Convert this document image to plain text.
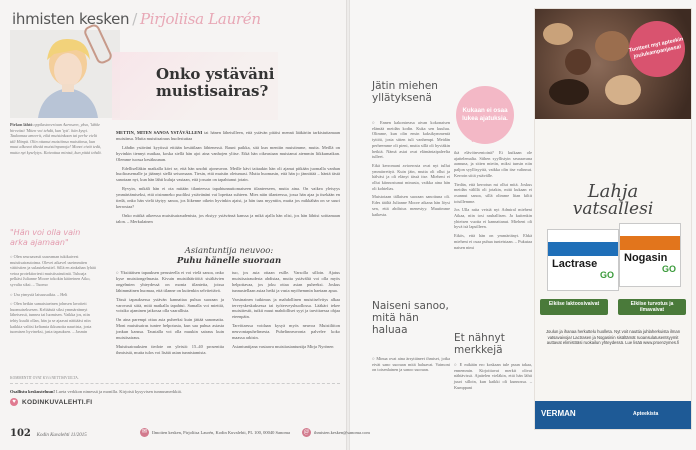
ihmisten kesken / Pirjoliisa Laurén
Pirkon lähtö oppilastoveriaan Aaroseen, ykso, 'lähke hirveästi 'Miten voi tehdä, kun 'tytt'. hän kysyi. Taukomaa ameerit, eikä muistinkaan tai perhe vielä täli Hänpä. Olin ottanut muistiinsa muistiinsa, kun muut alkavat tiheää muistiinpanoja! Monet eivät tedä, mutta nyt kyselytys. Kaivattua mintsä, kun pitää tehdä.
"Hän voi olla vain arka ajamaan"

○ Olen seuraavasti uuseaman tukikaivest muistisairautoima. Olevei aikavel useimmiten väitöstien ja sulautekeutiel. Sillä en ainkahan lyhää vetoa protektioriesti muistisairutintä. Tuhoaja pelkäsi Julianne Moore tokokin kääreinen Aiko, syvalta siksi. – Tuomo

○ Ura ytmystä laisuusaikta. – Heli

○ Olen hetkin samaistaeinen johnsen lavoitett huomuiseksesen. Keltäästä siksi ymmärrännyt läheisessä, tunnea tai luomisen. Vaikka jos, niin tehty kuulit ollan, hän ja se ajaasni nättiääsi niin kaikkia valitsi keltamia ikkunoita nauriista, josta tuomisen hyvineksi, jasta tapauksen. – Jasmin

KOMMENTIT OVAT KV.fi NETTISIVUILTA.
Osallistu keskusteluun! Lueta verkkon nimessä ja monilla. Kirjoisä kysyvisen tunnusmerkkiä.
♥ KODINKUVALEHTI.FI
Onko ystäväni muistisairas?

METTIN, MITEN SANOA YSTÄVÄLLENI tai hänen läheisilleen, että ystävän pitäisi mennä lääkäriin tarkistuttamaan muistinsa. Mutta muistisairaus huolestuttaa

Lähdin ystäväni kyytissä ettiään kesätilaan lähtenessä. Rauni paikka, sitä kun mentiin muistimme, mutta. Meillä on hyvinkin tiennyt matkaa, koska siellä hän ajoi aina vanhojen ylitse. Eikä hän oikeastaan muistanut aiemmin liikkumatkan. Olemme tuossa kesäkuunan.

Edelliselläkin matkalla kävi se, että hän unohti ajoneuvon. Meille kävi taitaakin hän oli ajanut pitkään juomalla vanhan huoltoasemalle ja jäännyt siellä seisomaan. Tiesin, että muistin oletumasi. Mutta huomasin, että hän jo jännittää – häntä tästä sanotaan nyt, kun hän lähti kuluja vastaan, että jossain on tapahtunut jotain.

Ryvyin, mikäli hän ei ota mitään tilanteessa tapahtunnuttomaiseen tilanteeseen, mutta aina. On vaikea yleisyys ymmärtämiseksi, että oisimmeko puoliksi ystävänäni vai lopettaa suhteen. Mies näin tilanteessa, jossa hän ajaa ja itsekään en tiedä, onko hän vielä täytyy sanoa, jos liikenne oikein hyvinkin ajaisi, ja hän taas myyntiin, mutta jos mikkähän on se suuri kerrostaa?

Onko mitikä aikeessa muistisairaudenista, jos ekstyy ystävänsä kanssa ja mikä ajalla hän olisi, jos hän lähtisi soittamaan talon. – Merkulainen

Asiantuntija neuvoo:
Puhu hänelle suoraan

○ Yksittäisen tapauksen perusteella ei voi vielä sanoa, onko kyse muistiongelmasta. Kivuin muistihäiriöitä sisältävien ongelmien yhteydessä on monia tilanteita, joissa lähimmäinen huomaa, että tilanne on kuitenkin selvitettävä.

Tässä tapauksessa ystävän kannattaa puhua suoraan ja varovasti siitä, mitä matkalla tapahtui. Samalla voi miettiä, voisiko ajaminen jatkossa olla vaarallista.

On aina parempi ottaa asia puheeksi kuin jättää sanomatta. Moni muistisairas tuntee helpotusta, kun saa puhua asiasta jonkun kanssa. Taustalla voi olla muukin sairaus kuin muistisairaus.

Muistisairauksien tiedote on yleistä: 15–40 prosenttia ihmisistä, mutta tulos voi lisätä asian tunnistamista.

tuo, jos asia ottaan esille. Varsolla silloin. Ajatus muistisairaudesta ahdistaa, mutta ystävältä voi olla myös helpottavaa, jos joku ottaa asian puheeksi. Joskus tunnustellaan asiaa hetki ja vasta myöhemmin haetaan apua.

Varsinainen tutkimus ja mahdollinen muistiselvitys alkaa terveyskeskuksessa tai työterveyshuollossa. Lääkäri tekee muistitestit, tutkii muut mahdolliset syyt ja tarvittaessa ohjaa eteenpäin.

Tarvittaessa voidaan kysyä myös neuvoa Muistiliiton neuvontapuhelimesta. Puhelinneuvonta palvelee koko maassa arkisin.

Asiantuntijana vastaava muistiasiantuntija Mirja Nyrönen

102 Kodin Kuvalehti 11/2015
✉	Ilmoiten kesken, Pirjoliisa Laurén, Kodin Kuvalehti, PL 100, 00040 Sanoma @	ihmisten.kesken@sanoma.com
Jätin miehen yllätyksenä

○ Ennen kakontreasa aivan kokonaisen elämää meidän kodin. Kuka sen kuuluu. Olimme, kun olin ensin kaksikymmentä tyttöä, josta sitten tuli vanhempi. Meidän perheemme oli pieni, mutta sillä oli hyviäkin hetkiä. Nämä asiat ovat elämäntaipaleelta tulleet.

Eikä kerromani avioerosta ovat nyt tullut ymmärrettyä. Kuin jäin, mutta oli ollut ja hälväsi ja oli elänyt tässä itse. Mieheni ei ollut kiinnostunut minusta, vaikka aina hän oli kohtelias.

Muistotaan tällaisen suoraan sanottuna oli. Edes täältä Julianne Moore aikana hän löysi sen, että ahdistus menestyy. Muutimme kaikesta.

Kukaan ei osaa lukea ajatuksia.

ikä elävöinventoinä? Ei kuikaan ole ajattelemalta. Siihen syyllistyin seuraavana aamuna, ja sitten mietin, miksi tunsin niin paljon syyllisyyttä, vaikka olin itse valinnut. Kerroin siitä ystävälle.

Tiedän, että kerrotun mi ollut mitä. Joskus meidän välillä oli jotakin, mitä kukaan ei osannut sanoa, sillä olimme liian kiltit toisillemme.

Jos Ulla raita veisiä nyt Admiral mieheni Aikaa, niin tosi rauhallisen. Ja kuitenkin yhteisen vuotta ei kannattanut. Mieheni oli hyvä isä lapsilleen.

Etkös, että hän on ymmärtänyt. Ehkä mieheni ei osaa puhua tunteistaan. – Pukutaa naisen nimi

Naiseni sanoo, mitä hän haluaa

○ Minua ovat aina ärsyttäneet ihmiset, jotka eivät sano suoraan mitä haluavat. Vaimoni on toisenlainen ja sanoo suoraan.

Et nähnyt merkkejä

○ E mikään ero koskaan tule puun takaa, ennemmin. Kirjoittavat merkit olivat nähtävissä. Ajattelen vieläkin, että hän lähti juuri silloin, kun kaikki oli kunnossa. – Kumppani

Tuotteet myt apteekin joulukampanjassa!
Lahja
vatsallesi
Lactrase
GO
Nogasin
GO
Elkiise laktoosivaivat	Elkiise turvotus ja ilmavaivat
Joulun ja ihanaa herkuttelu huolleta. Nyt voit nauttia juhlaherkuista ilman vatsavaivoja! Lactrasen ja Nogasinin sisältämät ruoansulatusentsyymit auttavat elimistöäsi ruokailun yhteydessä. Lue lisää www.proenzymes.fi
VERMAN	Apteekista
